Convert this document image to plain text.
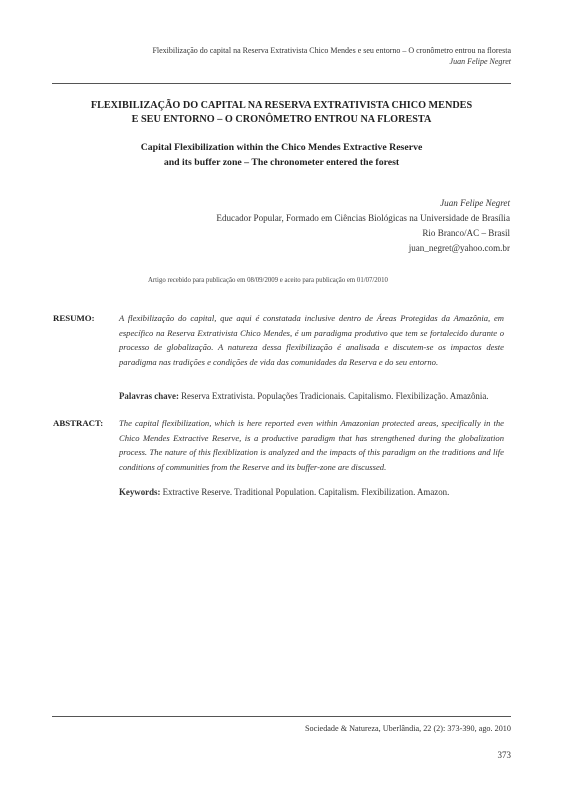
Flexibilização do capital na Reserva Extrativista Chico Mendes e seu entorno – O cronômetro entrou na floresta
Juan Felipe Negret
FLEXIBILIZAÇÃO DO CAPITAL NA RESERVA EXTRATIVISTA CHICO MENDES
E SEU ENTORNO – O CRONÔMETRO ENTROU NA FLORESTA
Capital Flexibilization within the Chico Mendes Extractive Reserve
and its buffer zone – The chronometer entered the forest
Juan Felipe Negret
Educador Popular, Formado em Ciências Biológicas na Universidade de Brasília
Rio Branco/AC – Brasil
juan_negret@yahoo.com.br
Artigo recebido para publicação em 08/09/2009 e aceito para publicação em 01/07/2010
RESUMO:	A flexibilização do capital, que aqui é constatada inclusive dentro de Áreas Protegidas da Amazônia, em específico na Reserva Extrativista Chico Mendes, é um paradigma produtivo que tem se fortalecido durante o processo de globalização. A natureza dessa flexibilização é analisada e discutem-se os impactos deste paradigma nas tradições e condições de vida das comunidades da Reserva e do seu entorno.
Palavras chave: Reserva Extrativista. Populações Tradicionais. Capitalismo. Flexibilização. Amazônia.
ABSTRACT:	The capital flexibilization, which is here reported even within Amazonian protected areas, specifically in the Chico Mendes Extractive Reserve, is a productive paradigm that has strengthened during the globalization process. The nature of this flexiblization is analyzed and the impacts of this paradigm on the traditions and life conditions of communities from the Reserve and its buffer-zone are discussed.
Keywords: Extractive Reserve. Traditional Population. Capitalism. Flexibilization. Amazon.
Sociedade & Natureza, Uberlândia, 22 (2): 373-390, ago. 2010
373
